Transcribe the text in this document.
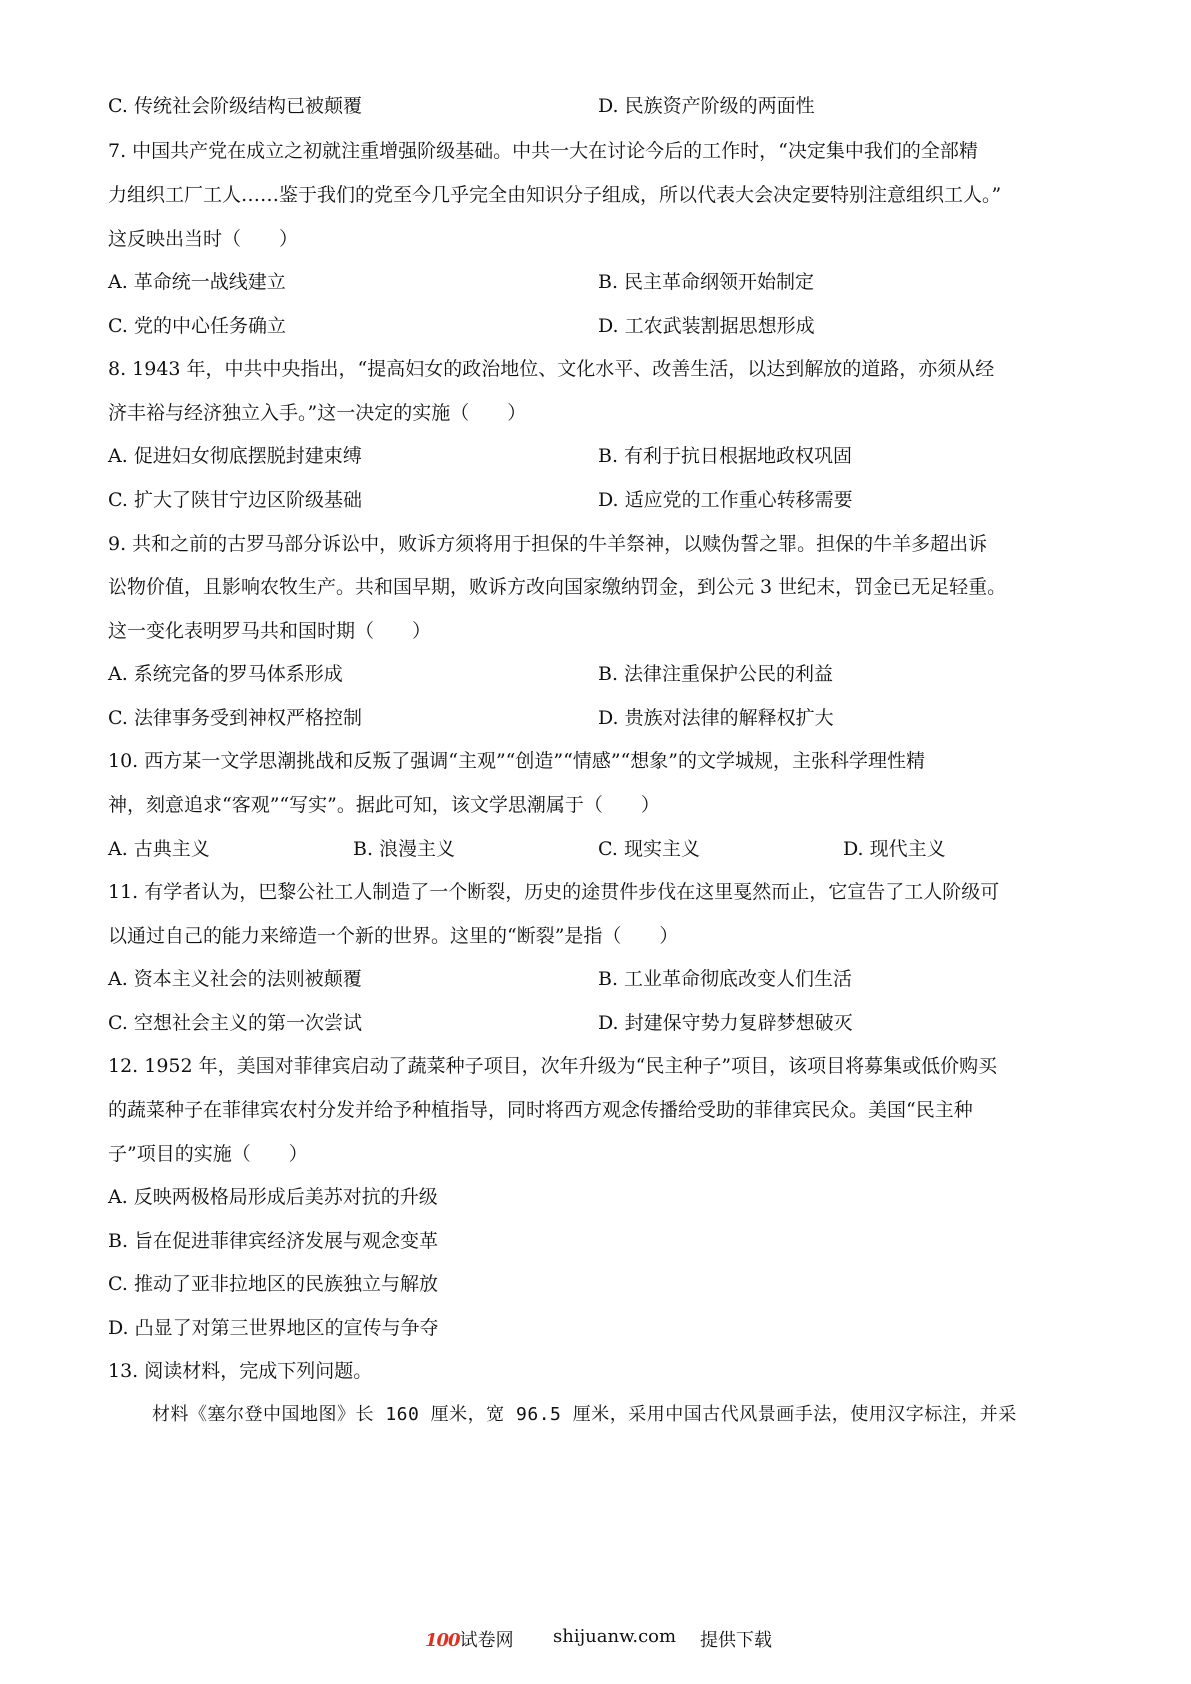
C. 传统社会阶级结构已被颠覆	D. 民族资产阶级的两面性
7. 中国共产党在成立之初就注重增强阶级基础。中共一大在讨论今后的工作时，“决定集中我们的全部精
力组织工厂工人……鉴于我们的党至今几乎完全由知识分子组成，所以代表大会决定要特别注意组织工人。”
这反映出当时（　　）
A. 革命统一战线建立	B. 民主革命纲领开始制定
C. 党的中心任务确立	D. 工农武装割据思想形成
8. 1943 年，中共中央指出，“提高妇女的政治地位、文化水平、改善生活，以达到解放的道路，亦须从经
济丰裕与经济独立入手。”这一决定的实施（　　）
A. 促进妇女彻底摆脱封建束缚	B. 有利于抗日根据地政权巩固
C. 扩大了陕甘宁边区阶级基础	D. 适应党的工作重心转移需要
9. 共和之前的古罗马部分诉讼中，败诉方须将用于担保的牛羊祭神，以赎伪誓之罪。担保的牛羊多超出诉
讼物价值，且影响农牧生产。共和国早期，败诉方改向国家缴纳罚金，到公元 3 世纪末，罚金已无足轻重。
这一变化表明罗马共和国时期（　　）
A. 系统完备的罗马体系形成	B. 法律注重保护公民的利益
C. 法律事务受到神权严格控制	D. 贵族对法律的解释权扩大
10. 西方某一文学思潮挑战和反叛了强调“主观”“创造”“情感”“想象”的文学城规，主张科学理性精
神，刻意追求“客观”“写实”。据此可知，该文学思潮属于（　　）
A. 古典主义	B. 浪漫主义	C. 现实主义	D. 现代主义
11. 有学者认为，巴黎公社工人制造了一个断裂，历史的途贯件步伐在这里戛然而止，它宣告了工人阶级可
以通过自己的能力来缔造一个新的世界。这里的“断裂”是指（　　）
A. 资本主义社会的法则被颠覆	B. 工业革命彻底改变人们生活
C. 空想社会主义的第一次尝试	D. 封建保守势力复辟梦想破灭
12. 1952 年，美国对菲律宾启动了蔬菜种子项目，次年升级为“民主种子”项目，该项目将募集或低价购买
的蔬菜种子在菲律宾农村分发并给予种植指导，同时将西方观念传播给受助的菲律宾民众。美国“民主种
子”项目的实施（　　）
A. 反映两极格局形成后美苏对抗的升级
B. 旨在促进菲律宾经济发展与观念变革
C. 推动了亚非拉地区的民族独立与解放
D. 凸显了对第三世界地区的宣传与争夺
13. 阅读材料，完成下列问题。
材料《塞尔登中国地图》长 160 厘米，宽 96.5 厘米，采用中国古代风景画手法，使用汉字标注，并采
100试卷网 shijuanw.com 提供下载
